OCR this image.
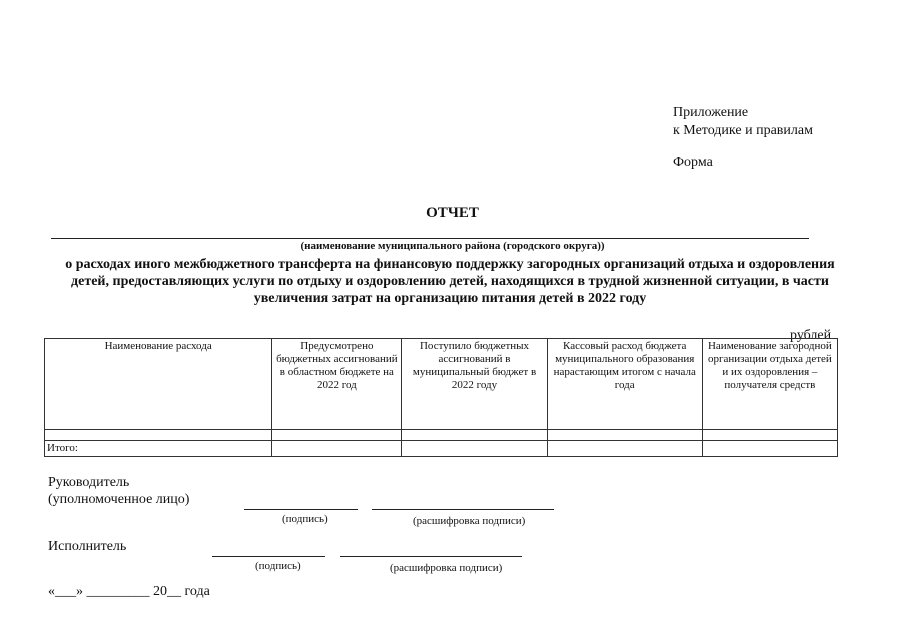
Приложение
к Методике и правилам
Форма
ОТЧЕТ
(наименование муниципального района (городского округа))
о расходах иного межбюджетного трансферта на финансовую поддержку загородных организаций отдыха и оздоровления детей, предоставляющих услуги по отдыху и оздоровлению детей, находящихся в трудной жизненной ситуации, в части увеличения затрат на организацию питания детей в 2022 году
рублей
Наименование расхода	Предусмотрено бюджетных ассигнований в областном бюджете на 2022 год	Поступило бюджетных ассигнований в муниципальный бюджет в 2022 году	Кассовый расход бюджета муниципального образования нарастающим итогом с начала года	Наименование загородной организации отдыха детей и их оздоровления – получателя средств

Итого:				
Руководитель
(уполномоченное лицо)
(подпись)	(расшифровка подписи)
Исполнитель
(подпись)	(расшифровка подписи)
«___» _________ 20__ года
